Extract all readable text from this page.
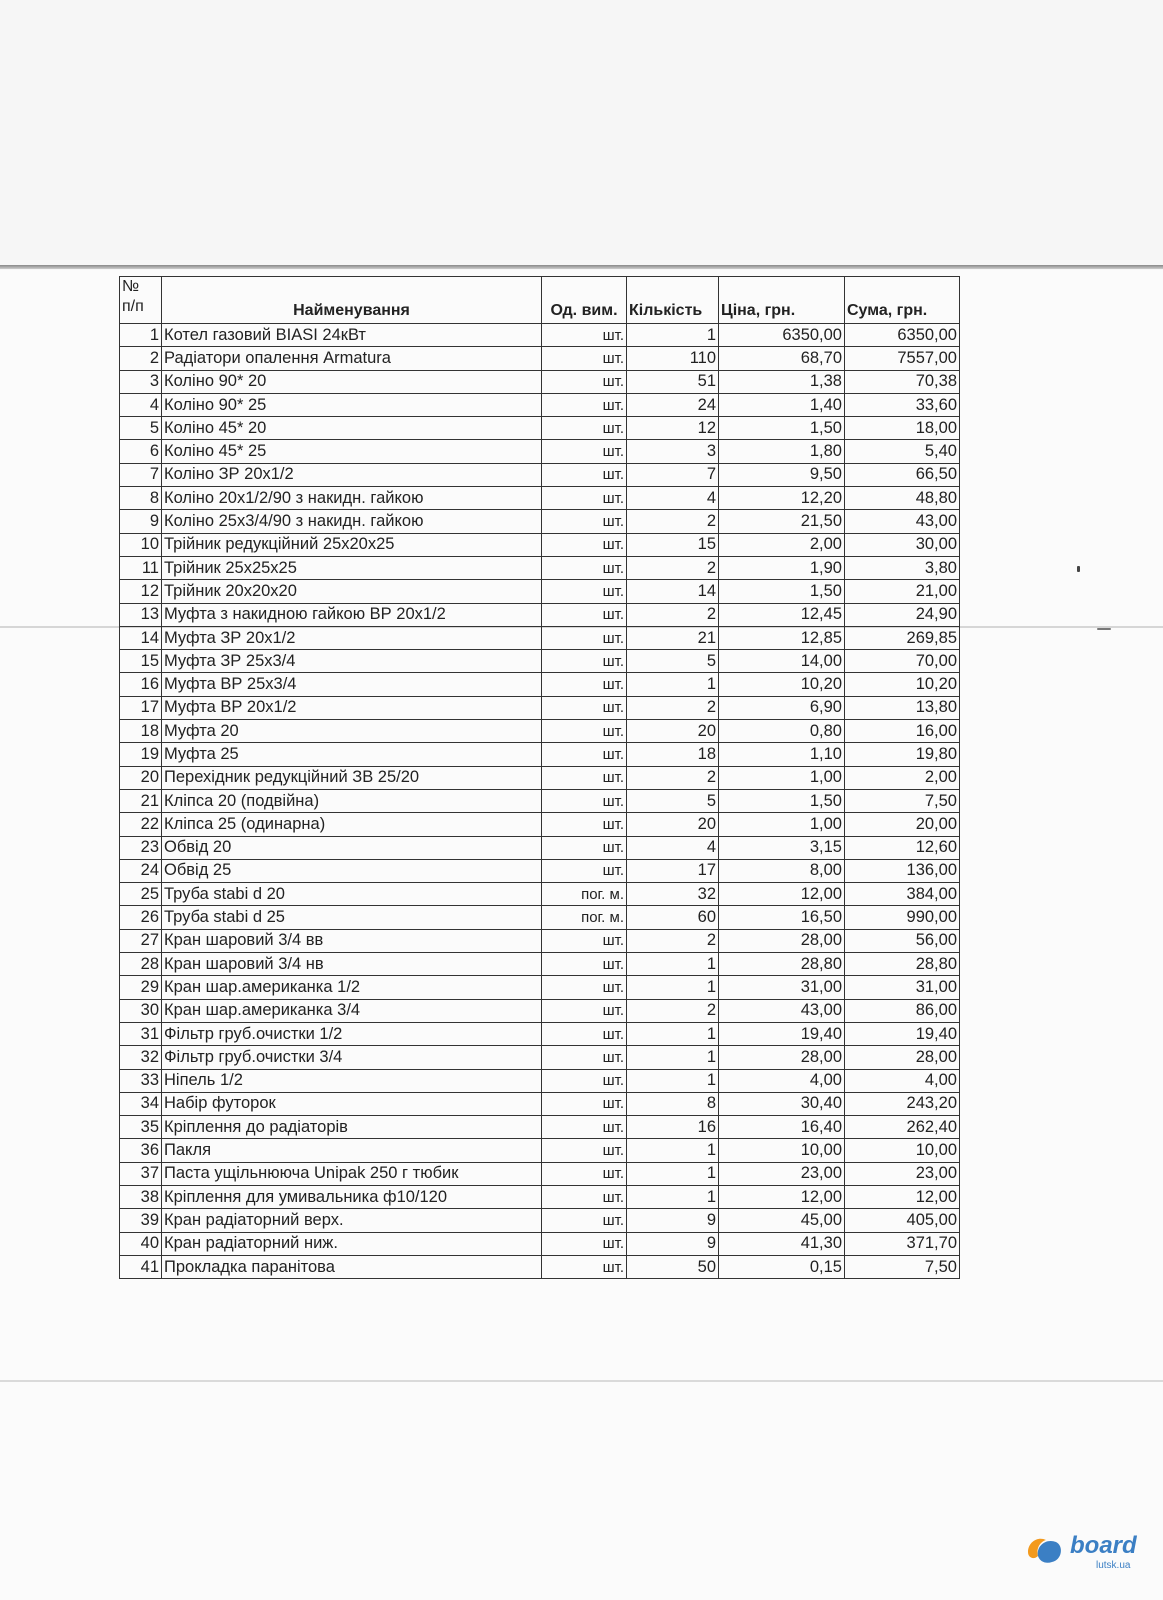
№
п/п	Найменування	Од. вим.	Кількість	Ціна, грн.	Сума, грн.
1	Котел газовий BIASI 24кВт	шт.	1	6350,00	6350,00
2	Радіатори опалення Armatura	шт.	110	68,70	7557,00
3	Коліно 90* 20	шт.	51	1,38	70,38
4	Коліно 90* 25	шт.	24	1,40	33,60
5	Коліно 45* 20	шт.	12	1,50	18,00
6	Коліно 45* 25	шт.	3	1,80	5,40
7	Коліно ЗР 20х1/2	шт.	7	9,50	66,50
8	Коліно 20х1/2/90 з накидн. гайкою	шт.	4	12,20	48,80
9	Коліно 25х3/4/90 з накидн. гайкою	шт.	2	21,50	43,00
10	Трійник редукційний 25х20х25	шт.	15	2,00	30,00
11	Трійник 25х25х25	шт.	2	1,90	3,80
12	Трійник 20х20х20	шт.	14	1,50	21,00
13	Муфта з накидною гайкою ВР 20х1/2	шт.	2	12,45	24,90
14	Муфта ЗР 20х1/2	шт.	21	12,85	269,85
15	Муфта ЗР 25х3/4	шт.	5	14,00	70,00
16	Муфта ВР 25х3/4	шт.	1	10,20	10,20
17	Муфта ВР 20х1/2	шт.	2	6,90	13,80
18	Муфта 20	шт.	20	0,80	16,00
19	Муфта 25	шт.	18	1,10	19,80
20	Перехідник редукційний ЗВ 25/20	шт.	2	1,00	2,00
21	Кліпса 20 (подвійна)	шт.	5	1,50	7,50
22	Кліпса 25 (одинарна)	шт.	20	1,00	20,00
23	Обвід 20	шт.	4	3,15	12,60
24	Обвід 25	шт.	17	8,00	136,00
25	Труба stabi d 20	пог. м.	32	12,00	384,00
26	Труба stabi d 25	пог. м.	60	16,50	990,00
27	Кран шаровий 3/4 вв	шт.	2	28,00	56,00
28	Кран шаровий 3/4 нв	шт.	1	28,80	28,80
29	Кран шар.американка 1/2	шт.	1	31,00	31,00
30	Кран шар.американка 3/4	шт.	2	43,00	86,00
31	Фільтр груб.очистки 1/2	шт.	1	19,40	19,40
32	Фільтр груб.очистки 3/4	шт.	1	28,00	28,00
33	Ніпель 1/2	шт.	1	4,00	4,00
34	Набір футорок	шт.	8	30,40	243,20
35	Кріплення до радіаторів	шт.	16	16,40	262,40
36	Пакля	шт.	1	10,00	10,00
37	Паста ущільнююча Unipak 250 г тюбик	шт.	1	23,00	23,00
38	Кріплення для умивальника ф10/120	шт.	1	12,00	12,00
39	Кран радіаторний верх.	шт.	9	45,00	405,00
40	Кран радіаторний ниж.	шт.	9	41,30	371,70
41	Прокладка паранітова	шт.	50	0,15	7,50
board
lutsk.ua
